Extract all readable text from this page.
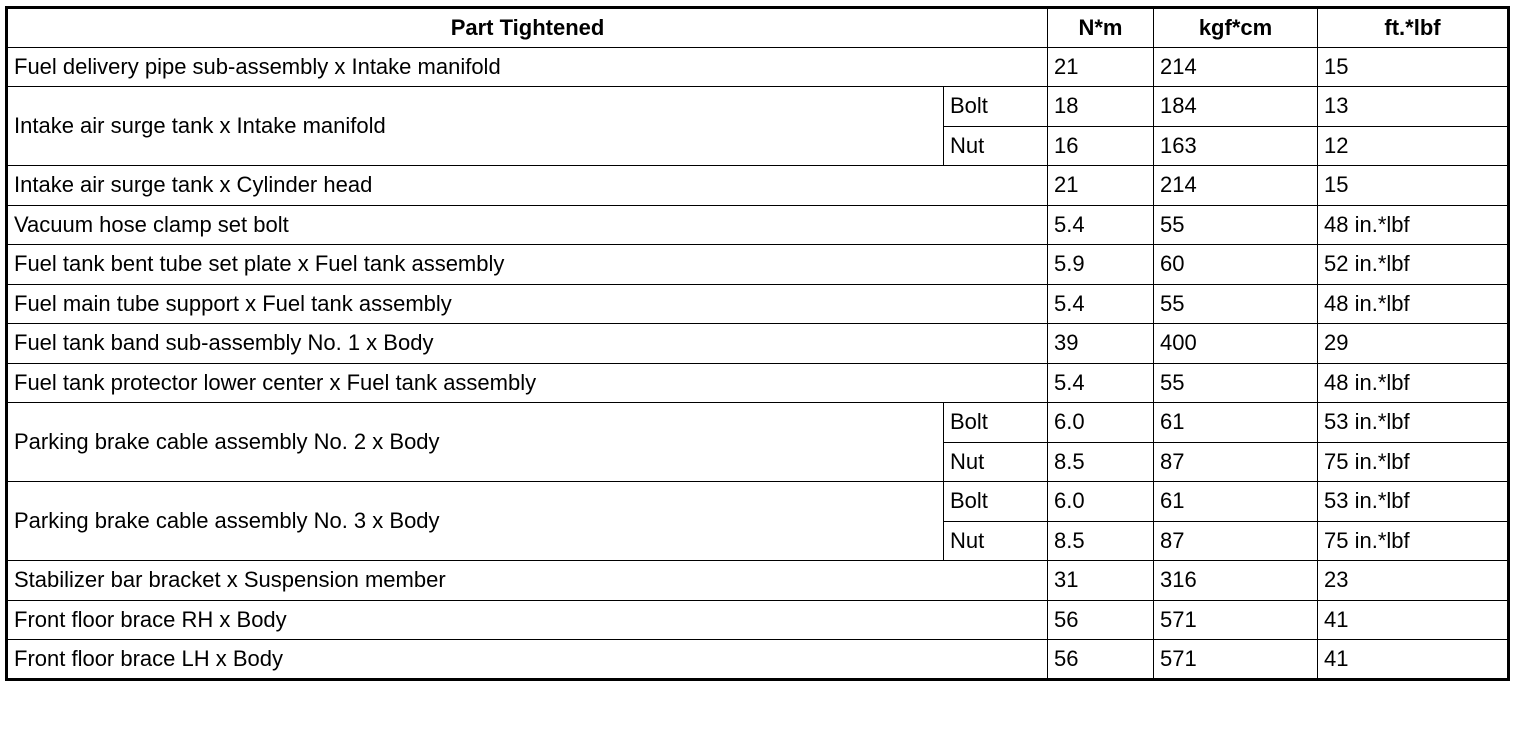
Part Tightened		N*m	kgf*cm	ft.*lbf
Fuel delivery pipe sub-assembly x Intake manifold		21	214	15
Intake air surge tank x Intake manifold	Bolt	18	184	13
	Nut	16	163	12
Intake air surge tank x Cylinder head		21	214	15
Vacuum hose clamp set bolt		5.4	55	48 in.*lbf
Fuel tank bent tube set plate x Fuel tank assembly		5.9	60	52 in.*lbf
Fuel main tube support x Fuel tank assembly		5.4	55	48 in.*lbf
Fuel tank band sub-assembly No. 1 x Body		39	400	29
Fuel tank protector lower center x Fuel tank assembly		5.4	55	48 in.*lbf
Parking brake cable assembly No. 2 x Body	Bolt	6.0	61	53 in.*lbf
	Nut	8.5	87	75 in.*lbf
Parking brake cable assembly No. 3 x Body	Bolt	6.0	61	53 in.*lbf
	Nut	8.5	87	75 in.*lbf
Stabilizer bar bracket x Suspension member		31	316	23
Front floor brace RH x Body		56	571	41
Front floor brace LH x Body		56	571	41
